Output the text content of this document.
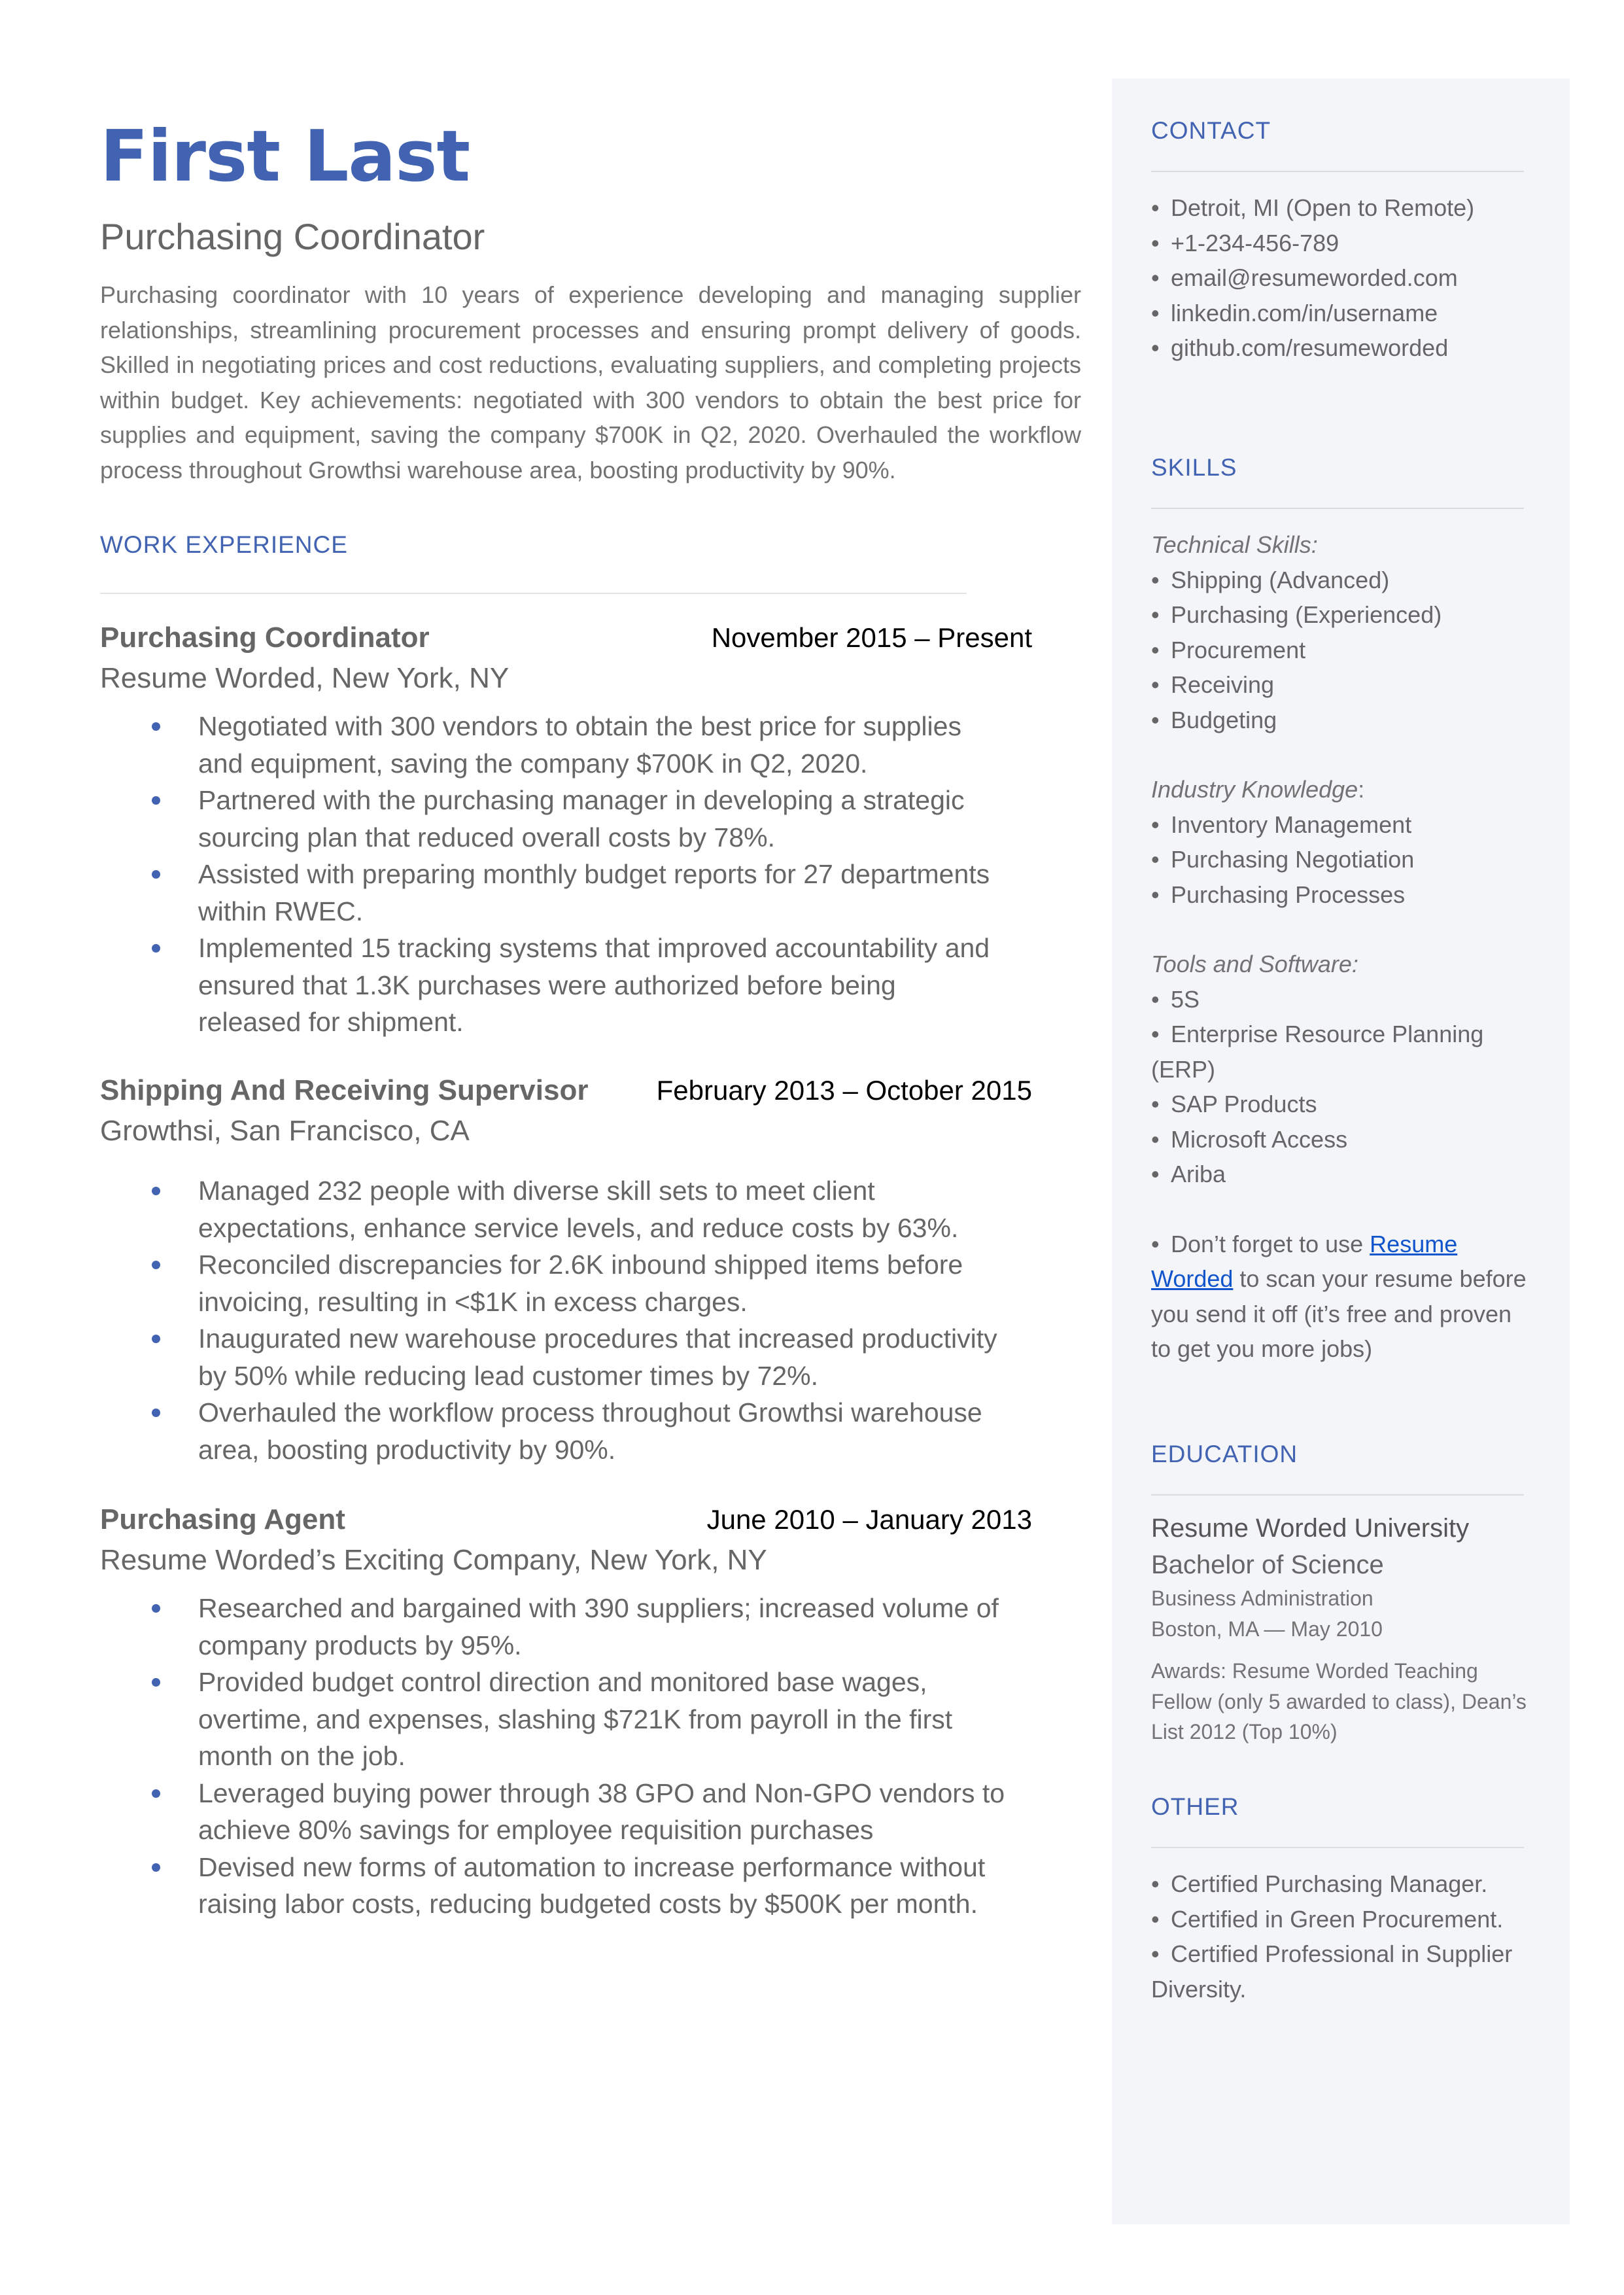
First Last
Purchasing Coordinator
Purchasing coordinator with 10 years of experience developing and managing supplier relationships, streamlining procurement processes and ensuring prompt delivery of goods. Skilled in negotiating prices and cost reductions, evaluating suppliers, and completing projects within budget. Key achievements: negotiated with 300 vendors to obtain the best price for supplies and equipment, saving the company $700K in Q2, 2020. Overhauled the workflow process throughout Growthsi warehouse area, boosting productivity by 90%.
WORK EXPERIENCE
Purchasing Coordinator	November 2015 – Present
Resume Worded, New York, NY
Negotiated with 300 vendors to obtain the best price for supplies and equipment, saving the company $700K in Q2, 2020.
Partnered with the purchasing manager in developing a strategic sourcing plan that reduced overall costs by 78%.
Assisted with preparing monthly budget reports for 27 departments within RWEC.
Implemented 15 tracking systems that improved accountability and ensured that 1.3K purchases were authorized before being released for shipment.
Shipping And Receiving Supervisor February 2013 – October 2015
Growthsi, San Francisco, CA
Managed 232 people with diverse skill sets to meet client expectations, enhance service levels, and reduce costs by 63%.
Reconciled discrepancies for 2.6K inbound shipped items before invoicing, resulting in <$1K in excess charges.
Inaugurated new warehouse procedures that increased productivity by 50% while reducing lead customer times by 72%.
Overhauled the workflow process throughout Growthsi warehouse area, boosting productivity by 90%.
Purchasing Agent	June 2010 – January 2013
Resume Worded’s Exciting Company, New York, NY
Researched and bargained with 390 suppliers; increased volume of company products by 95%.
Provided budget control direction and monitored base wages, overtime, and expenses, slashing $721K from payroll in the first month on the job.
Leveraged buying power through 38 GPO and Non-GPO vendors to achieve 80% savings for employee requisition purchases
Devised new forms of automation to increase performance without raising labor costs, reducing budgeted costs by $500K per month.
CONTACT
• Detroit, MI (Open to Remote)
• +1-234-456-789
• email@resumeworded.com
• linkedin.com/in/username
• github.com/resumeworded
SKILLS
Technical Skills:
• Shipping (Advanced)
• Purchasing (Experienced)
• Procurement
• Receiving
• Budgeting
Industry Knowledge:
• Inventory Management
• Purchasing Negotiation
• Purchasing Processes
Tools and Software:
• 5S
• Enterprise Resource Planning (ERP)
• SAP Products
• Microsoft Access
• Ariba
• Don’t forget to use Resume Worded to scan your resume before you send it off (it’s free and proven to get you more jobs)
EDUCATION
Resume Worded University
Bachelor of Science
Business Administration
Boston, MA — May 2010
Awards: Resume Worded Teaching Fellow (only 5 awarded to class), Dean’s List 2012 (Top 10%)
OTHER
• Certified Purchasing Manager.
• Certified in Green Procurement.
• Certified Professional in Supplier Diversity.
